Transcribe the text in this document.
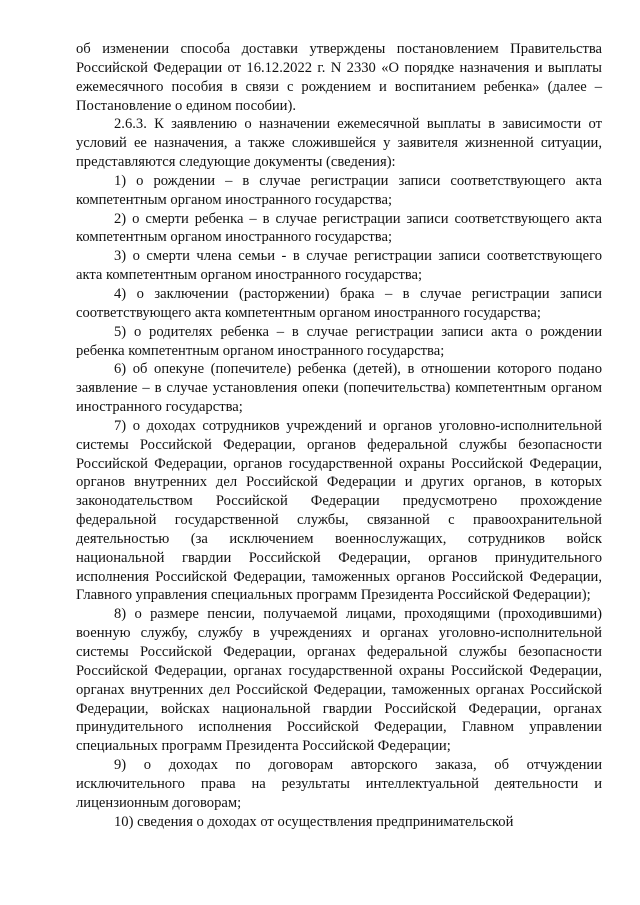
об изменении способа доставки утверждены постановлением Правительства Российской Федерации от 16.12.2022 г. N 2330 «О порядке назначения и выплаты ежемесячного пособия в связи с рождением и воспитанием ребенка» (далее – Постановление о едином пособии).

2.6.3. К заявлению о назначении ежемесячной выплаты в зависимости от условий ее назначения, а также сложившейся у заявителя жизненной ситуации, представляются следующие документы (сведения):

1) о рождении – в случае регистрации записи соответствующего акта компетентным органом иностранного государства;

2) о смерти ребенка – в случае регистрации записи соответствующего акта компетентным органом иностранного государства;

3) о смерти члена семьи - в случае регистрации записи соответствующего акта компетентным органом иностранного государства;

4) о заключении (расторжении) брака – в случае регистрации записи соответствующего акта компетентным органом иностранного государства;

5) о родителях ребенка – в случае регистрации записи акта о рождении ребенка компетентным органом иностранного государства;

6) об опекуне (попечителе) ребенка (детей), в отношении которого подано заявление – в случае установления опеки (попечительства) компетентным органом иностранного государства;

7) о доходах сотрудников учреждений и органов уголовно-исполнительной системы Российской Федерации, органов федеральной службы безопасности Российской Федерации, органов государственной охраны Российской Федерации, органов внутренних дел Российской Федерации и других органов, в которых законодательством Российской Федерации предусмотрено прохождение федеральной государственной службы, связанной с правоохранительной деятельностью (за исключением военнослужащих, сотрудников войск национальной гвардии Российской Федерации, органов принудительного исполнения Российской Федерации, таможенных органов Российской Федерации, Главного управления специальных программ Президента Российской Федерации);

8) о размере пенсии, получаемой лицами, проходящими (проходившими) военную службу, службу в учреждениях и органах уголовно-исполнительной системы Российской Федерации, органах федеральной службы безопасности Российской Федерации, органах государственной охраны Российской Федерации, органах внутренних дел Российской Федерации, таможенных органах Российской Федерации, войсках национальной гвардии Российской Федерации, органах принудительного исполнения Российской Федерации, Главном управлении специальных программ Президента Российской Федерации;

9) о доходах по договорам авторского заказа, об отчуждении исключительного права на результаты интеллектуальной деятельности и лицензионным договорам;

10) сведения о доходах от осуществления предпринимательской
